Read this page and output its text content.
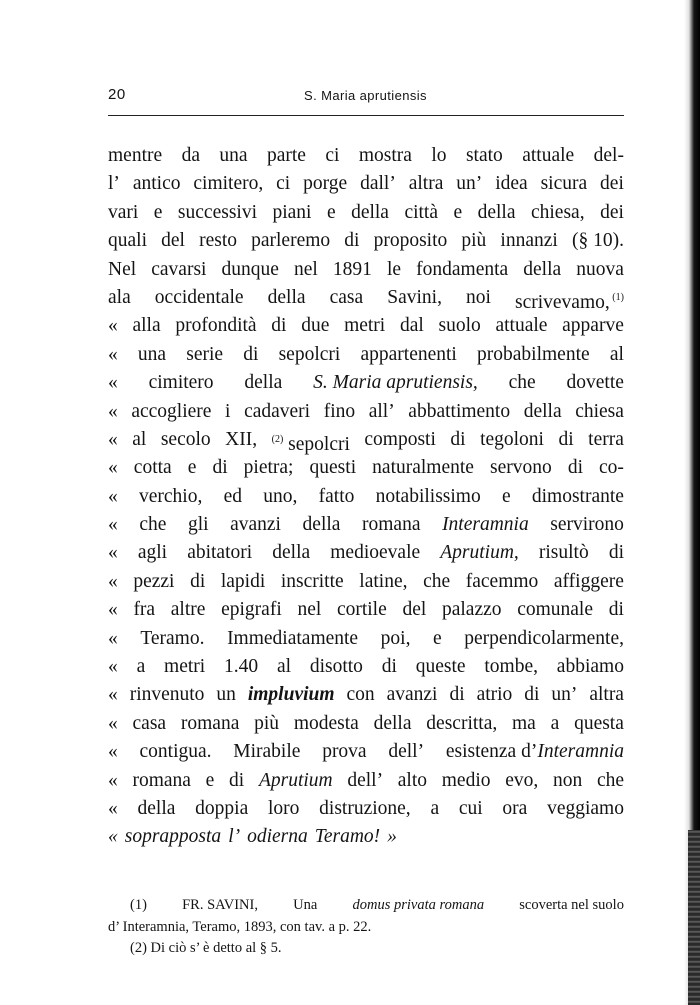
20	S. Maria aprutiensis
mentre da una parte ci mostra lo stato attuale del-
l’ antico cimitero, ci porge dall’ altra un’ idea sicura dei
vari e successivi piani e della città e della chiesa, dei
quali del resto parleremo di proposito più innanzi (§ 10).
Nel cavarsi dunque nel 1891 le fondamenta della nuova
ala occidentale della casa Savini, noi scrivevamo, $^{(1)}$
« alla profondità di due metri dal suolo attuale apparve
« una serie di sepolcri appartenenti probabilmente al
« cimitero della S. Maria aprutiensis, che dovette
« accogliere i cadaveri fino all’ abbattimento della chiesa
« al secolo XII, $^{(2)}$ sepolcri composti di tegoloni di terra
« cotta e di pietra; questi naturalmente servono di co-
« verchio, ed uno, fatto notabilissimo e dimostrante
« che gli avanzi della romana Interamnia servirono
« agli abitatori della medioevale Aprutium, risultò di
« pezzi di lapidi inscritte latine, che facemmo affiggere
« fra altre epigrafi nel cortile del palazzo comunale di
« Teramo. Immediatamente poi, e perpendicolarmente,
« a metri 1.40 al disotto di queste tombe, abbiamo
« rinvenuto un impluvium con avanzi di atrio di un’ altra
« casa romana più modesta della descritta, ma a questa
« contigua. Mirabile prova dell’ esistenza d’Interamnia
« romana e di Aprutium dell’ alto medio evo, non che
« della doppia loro distruzione, a cui ora veggiamo
« soprapposta l’ odierna Teramo! »
(1) FR. SAVINI, Una domus privata romana scoverta nel suolo
d’ Interamnia, Teramo, 1893, con tav. a p. 22.
(2) Di ciò s’ è detto al § 5.
